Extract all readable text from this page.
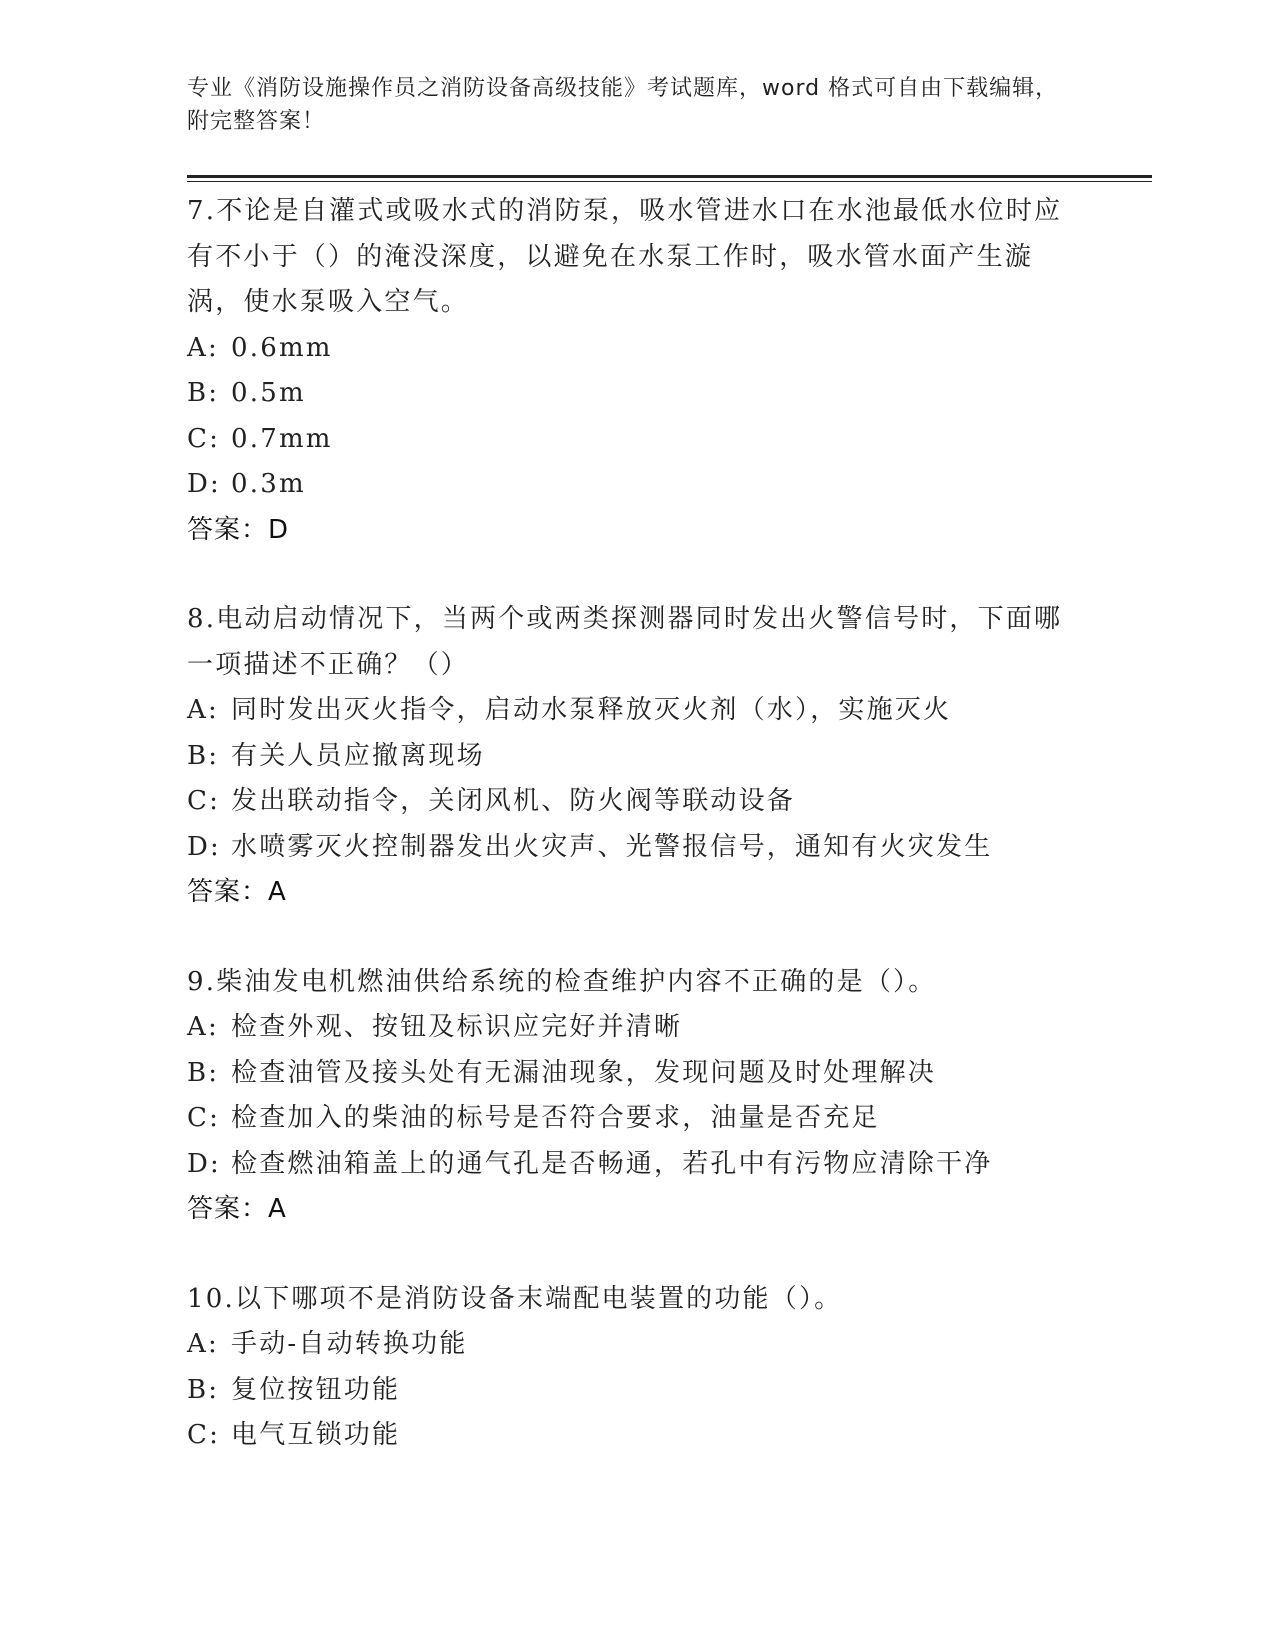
专业《消防设施操作员之消防设备高级技能》考试题库，word 格式可自由下载编辑，附完整答案！
7.不论是自灌式或吸水式的消防泵，吸水管进水口在水池最低水位时应有不小于（）的淹没深度，以避免在水泵工作时，吸水管水面产生漩涡，使水泵吸入空气。
A: 0.6mm
B: 0.5m
C: 0.7mm
D: 0.3m
答案：D
8.电动启动情况下，当两个或两类探测器同时发出火警信号时，下面哪一项描述不正确？（）
A: 同时发出灭火指令，启动水泵释放灭火剂（水），实施灭火
B: 有关人员应撤离现场
C: 发出联动指令，关闭风机、防火阀等联动设备
D: 水喷雾灭火控制器发出火灾声、光警报信号，通知有火灾发生
答案：A
9.柴油发电机燃油供给系统的检查维护内容不正确的是（）。
A: 检查外观、按钮及标识应完好并清晰
B: 检查油管及接头处有无漏油现象，发现问题及时处理解决
C: 检查加入的柴油的标号是否符合要求，油量是否充足
D: 检查燃油箱盖上的通气孔是否畅通，若孔中有污物应清除干净
答案：A
10.以下哪项不是消防设备末端配电装置的功能（）。
A: 手动-自动转换功能
B: 复位按钮功能
C: 电气互锁功能
